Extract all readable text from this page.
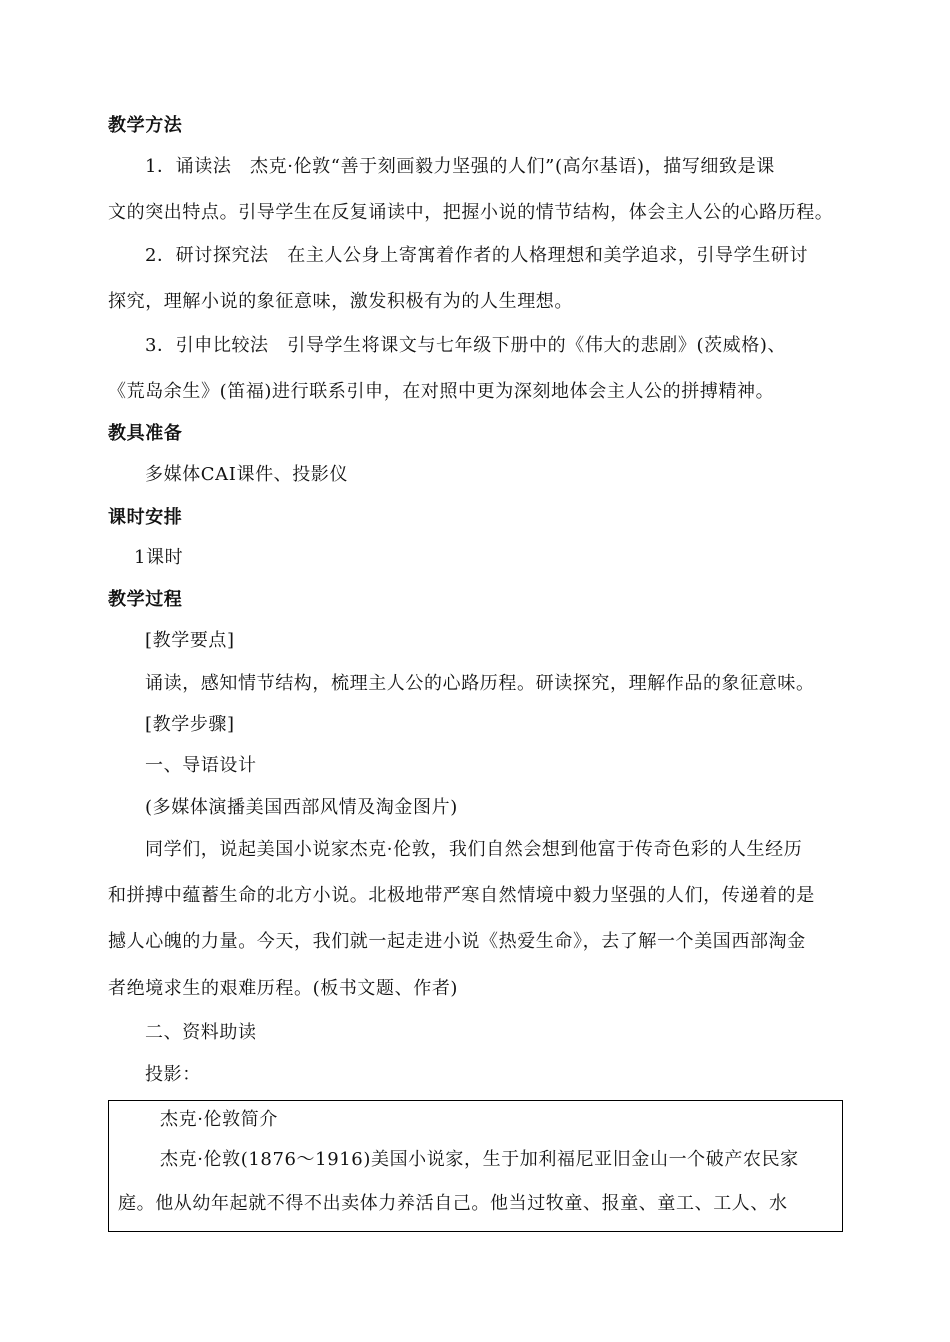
教学方法
1．诵读法　杰克·伦敦“善于刻画毅力坚强的人们”(高尔基语)，描写细致是课
文的突出特点。引导学生在反复诵读中，把握小说的情节结构，体会主人公的心路历程。
2．研讨探究法　在主人公身上寄寓着作者的人格理想和美学追求，引导学生研讨
探究，理解小说的象征意味，激发积极有为的人生理想。
3．引申比较法　引导学生将课文与七年级下册中的《伟大的悲剧》(茨威格)、
《荒岛余生》(笛福)进行联系引申，在对照中更为深刻地体会主人公的拼搏精神。
教具准备
多媒体CAI课件、投影仪
课时安排
1课时
教学过程
[教学要点]
诵读，感知情节结构，梳理主人公的心路历程。研读探究，理解作品的象征意味。
[教学步骤]
一、导语设计
(多媒体演播美国西部风情及淘金图片)
同学们，说起美国小说家杰克·伦敦，我们自然会想到他富于传奇色彩的人生经历
和拼搏中蕴蓄生命的北方小说。北极地带严寒自然情境中毅力坚强的人们，传递着的是
撼人心魄的力量。今天，我们就一起走进小说《热爱生命》，去了解一个美国西部淘金
者绝境求生的艰难历程。(板书文题、作者)
二、资料助读
投影：
杰克·伦敦简介
杰克·伦敦(1876～1916)美国小说家，生于加利福尼亚旧金山一个破产农民家
庭。他从幼年起就不得不出卖体力养活自己。他当过牧童、报童、童工、工人、水
